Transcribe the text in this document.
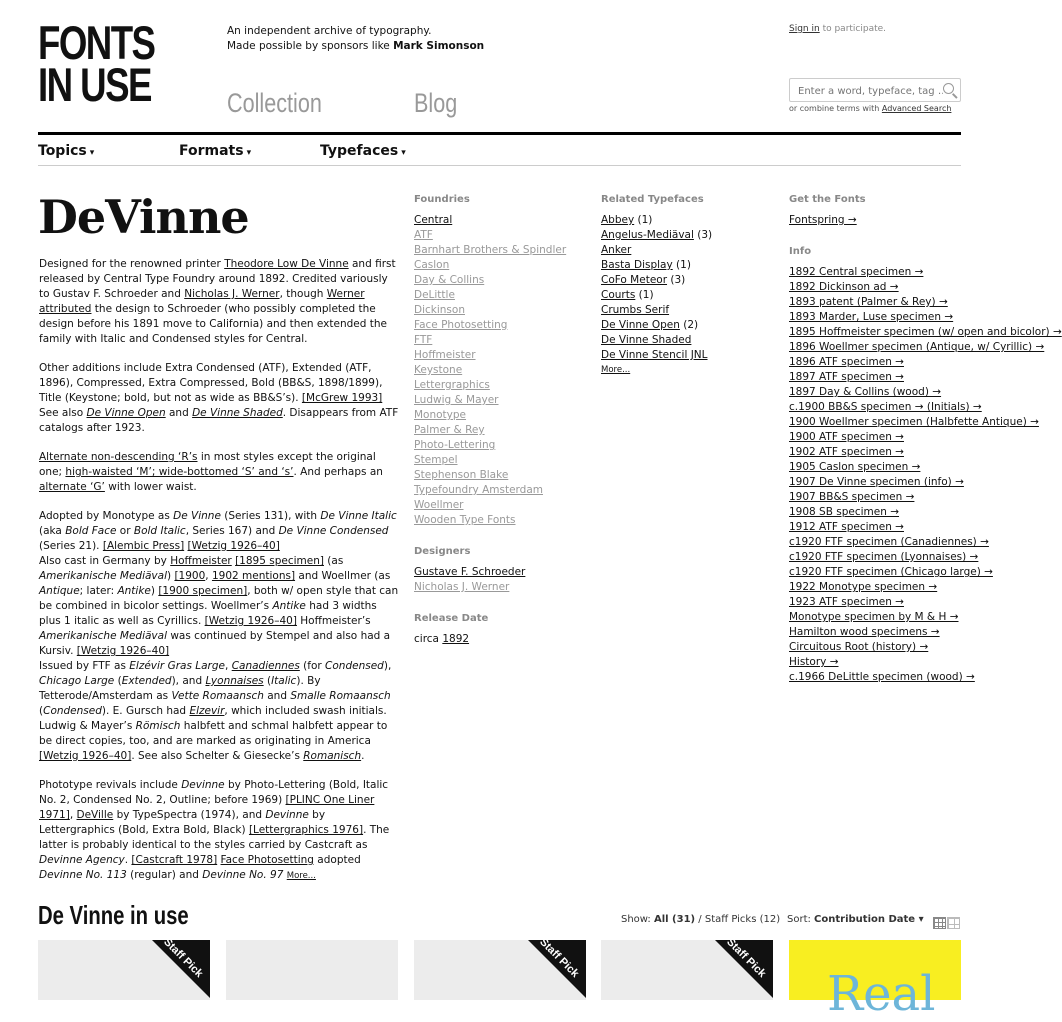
FONTS
IN USE
An independent archive of typography.
Made possible by sponsors like Mark Simonson
Collection	Blog
Sign in to participate.
Enter a word, typeface, tag …
or combine terms with Advanced Search
Topics ▾	Formats ▾	Typefaces ▾
DeVinne

Designed for the renowned printer Theodore Low De Vinne and first released by Central Type Foundry around 1892. Credited variously to Gustav F. Schroeder and Nicholas J. Werner, though Werner attributed the design to Schroeder (who possibly completed the design before his 1891 move to California) and then extended the family with Italic and Condensed styles for Central.

Other additions include Extra Condensed (ATF), Extended (ATF, 1896), Compressed, Extra Compressed, Bold (BB&S, 1898/1899), Title (Keystone; bold, but not as wide as BB&S’s). [McGrew 1993] See also De Vinne Open and De Vinne Shaded. Disappears from ATF catalogs after 1923.

Alternate non-descending ‘R’s in most styles except the original one; high-waisted ‘M’; wide-bottomed ‘S’ and ‘s’. And perhaps an alternate ‘G’ with lower waist.

Adopted by Monotype as De Vinne (Series 131), with De Vinne Italic (aka Bold Face or Bold Italic, Series 167) and De Vinne Condensed (Series 21). [Alembic Press] [Wetzig 1926–40]

Also cast in Germany by Hoffmeister [1895 specimen] (as Amerikanische Mediäval) [1900, 1902 mentions] and Woellmer (as Antique; later: Antike) [1900 specimen], both w/ open style that can be combined in bicolor settings. Woellmer’s Antike had 3 widths plus 1 italic as well as Cyrillics. [Wetzig 1926–40] Hoffmeister’s Amerikanische Mediäval was continued by Stempel and also had a Kursiv. [Wetzig 1926–40]

Issued by FTF as Elzévir Gras Large, Canadiennes (for Condensed), Chicago Large (Extended), and Lyonnaises (Italic). By Tetterode/Amsterdam as Vette Romaansch and Smalle Romaansch (Condensed). E. Gursch had Elzevir, which included swash initials. Ludwig & Mayer’s Römisch halbfett and schmal halbfett appear to be direct copies, too, and are marked as originating in America [Wetzig 1926–40]. See also Schelter & Giesecke’s Romanisch.

Phototype revivals include Devinne by Photo-Lettering (Bold, Italic No. 2, Condensed No. 2, Outline; before 1969) [PLINC One Liner 1971], DeVille by TypeSpectra (1974), and Devinne by Lettergraphics (Bold, Extra Bold, Black) [Lettergraphics 1976]. The latter is probably identical to the styles carried by Castcraft as Devinne Agency. [Castcraft 1978] Face Photosetting adopted Devinne No. 113 (regular) and Devinne No. 97 More...

Foundries
Central
ATF
Barnhart Brothers & Spindler
Caslon
Day & Collins
DeLittle
Dickinson
Face Photosetting
FTF
Hoffmeister
Keystone
Lettergraphics
Ludwig & Mayer
Monotype
Palmer & Rey
Photo-Lettering
Stempel
Stephenson Blake
Typefoundry Amsterdam
Woellmer
Wooden Type Fonts
Designers
Gustave F. Schroeder
Nicholas J. Werner
Release Date
circa 1892
Related Typefaces
Abbey (1)
Angelus-Mediäval (3)
Anker
Basta Display (1)
CoFo Meteor (3)
Courts (1)
Crumbs Serif
De Vinne Open (2)
De Vinne Shaded
De Vinne Stencil JNL
More...
Get the Fonts
Fontspring →
Info
1892 Central specimen →
1892 Dickinson ad →
1893 patent (Palmer & Rey) →
1893 Marder, Luse specimen →
1895 Hoffmeister specimen (w/ open and bicolor) →
1896 Woellmer specimen (Antique, w/ Cyrillic) →
1896 ATF specimen →
1897 ATF specimen →
1897 Day & Collins (wood) →
c.1900 BB&S specimen → (Initials) →
1900 Woellmer specimen (Halbfette Antique) →
1900 ATF specimen →
1902 ATF specimen →
1905 Caslon specimen →
1907 De Vinne specimen (info) →
1907 BB&S specimen →
1908 SB specimen →
1912 ATF specimen →
c1920 FTF specimen (Canadiennes) →
c1920 FTF specimen (Lyonnaises) →
c1920 FTF specimen (Chicago large) →
1922 Monotype specimen →
1923 ATF specimen →
Monotype specimen by M & H →
Hamilton wood specimens →
Circuitous Root (history) →
History →
c.1966 DeLittle specimen (wood) →
De Vinne in use	Show: All (31) / Staff Picks (12) Sort: Contribution Date ▾
Staff Pick	Staff Pick	Staff Pick
Real
